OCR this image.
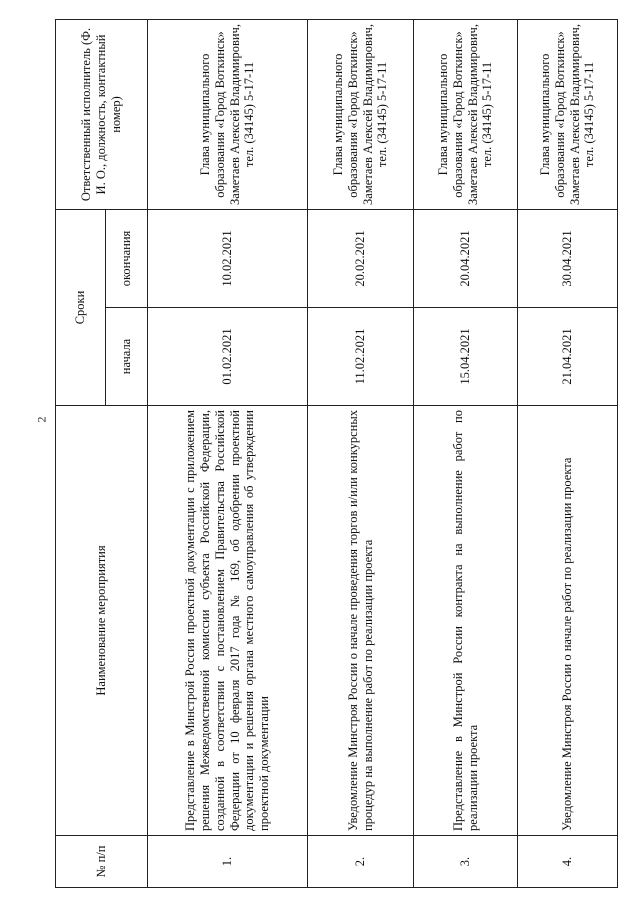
2
№ п/п	Наименование мероприятия	Сроки		Ответственный исполнитель (Ф. И. О., должность, контактный номер)
		начала	окончания	
1.	Представление в Минстрой России проектной документации с приложением решения Межведомственной комиссии субъекта Российской Федерации, созданной в соответствии с постановлением Правительства Российской Федерации от 10 февраля 2017 года № 169, об одобрении проектной документации и решения органа местного самоуправления об утверждении проектной документации	01.02.2021	10.02.2021	Глава муниципального образования «Город Воткинск» Заметаев Алексей Владимирович, тел. (34145) 5-17-11
2.	Уведомление Минстроя России о начале проведения торгов и/или конкурсных процедур на выполнение работ по реализации проекта	11.02.2021	20.02.2021	Глава муниципального образования «Город Воткинск» Заметаев Алексей Владимирович, тел. (34145) 5-17-11
3.	Представление в Минстрой России контракта на выполнение работ по реализации проекта	15.04.2021	20.04.2021	Глава муниципального образования «Город Воткинск» Заметаев Алексей Владимирович, тел. (34145) 5-17-11
4.	Уведомление Минстроя России о начале работ по реализации проекта	21.04.2021	30.04.2021	Глава муниципального образования «Город Воткинск» Заметаев Алексей Владимирович, тел. (34145) 5-17-11
